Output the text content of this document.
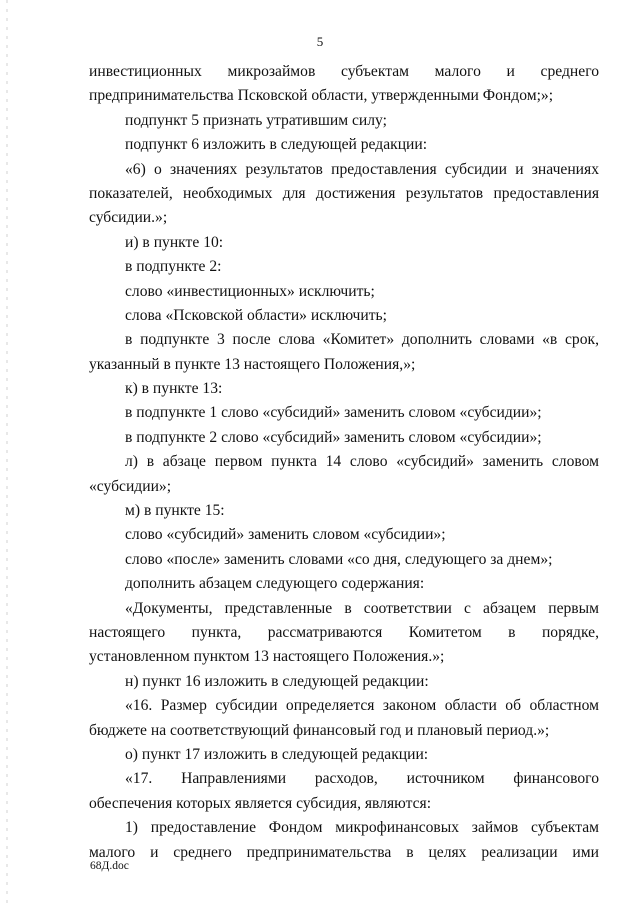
5
инвестиционных микрозаймов субъектам малого и среднего
предпринимательства Псковской области, утвержденными Фондом;»;
подпункт 5 признать утратившим силу;
подпункт 6 изложить в следующей редакции:
«6) о значениях результатов предоставления субсидии и значениях
показателей, необходимых для достижения результатов предоставления
субсидии.»;
и) в пункте 10:
в подпункте 2:
слово «инвестиционных» исключить;
слова «Псковской области» исключить;
в подпункте 3 после слова «Комитет» дополнить словами «в срок,
указанный в пункте 13 настоящего Положения,»;
к) в пункте 13:
в подпункте 1 слово «субсидий» заменить словом «субсидии»;
в подпункте 2 слово «субсидий» заменить словом «субсидии»;
л) в абзаце первом пункта 14 слово «субсидий» заменить словом
«субсидии»;
м) в пункте 15:
слово «субсидий» заменить словом «субсидии»;
слово «после» заменить словами «со дня, следующего за днем»;
дополнить абзацем следующего содержания:
«Документы, представленные в соответствии с абзацем первым
настоящего пункта, рассматриваются Комитетом в порядке,
установленном пунктом 13 настоящего Положения.»;
н) пункт 16 изложить в следующей редакции:
«16. Размер субсидии определяется законом области об областном
бюджете на соответствующий финансовый год и плановый период.»;
о) пункт 17 изложить в следующей редакции:
«17. Направлениями расходов, источником финансового
обеспечения которых является субсидия, являются:
1) предоставление Фондом микрофинансовых займов субъектам
малого и среднего предпринимательства в целях реализации ими
68Д.doc
